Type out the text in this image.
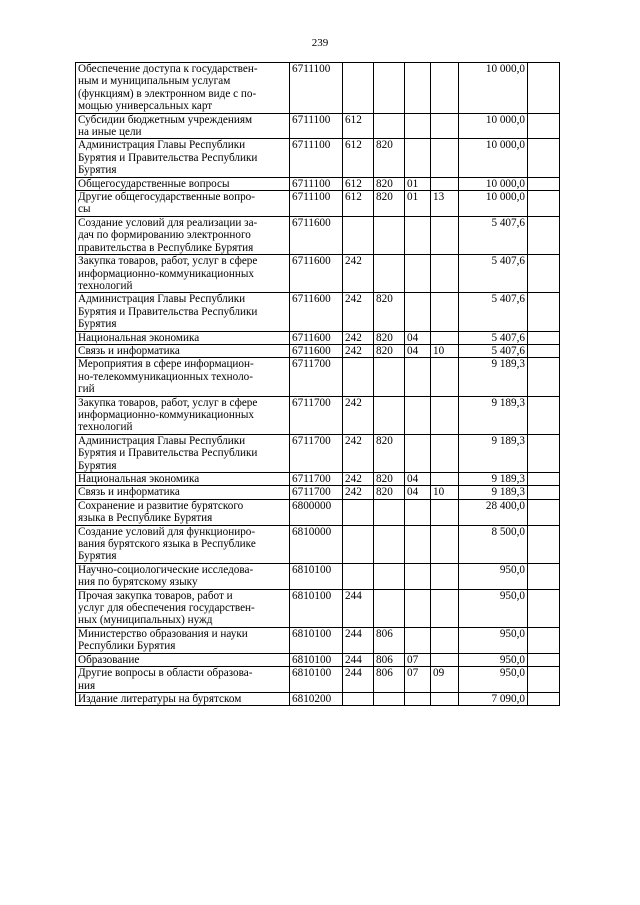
239
Обеспечение доступа к государствен-
ным и муниципальным услугам
(функциям) в электронном виде с по-
мощью универсальных карт	6711100					10 000,0	
Субсидии бюджетным учреждениям
на иные цели	6711100	612				10 000,0	
Администрация Главы Республики
Бурятия и Правительства Республики
Бурятия	6711100	612	820			10 000,0	
Общегосударственные вопросы	6711100	612	820	01		10 000,0	
Другие общегосударственные вопро-
сы	6711100	612	820	01	13	10 000,0	
Создание условий для реализации за-
дач по формированию электронного
правительства в Республике Бурятия	6711600					5 407,6	
Закупка товаров, работ, услуг в сфере
информационно-коммуникационных
технологий	6711600	242				5 407,6	
Администрация Главы Республики
Бурятия и Правительства Республики
Бурятия	6711600	242	820			5 407,6	
Национальная экономика	6711600	242	820	04		5 407,6	
Связь и информатика	6711600	242	820	04	10	5 407,6	
Мероприятия в сфере информацион-
но-телекоммуникационных техноло-
гий	6711700					9 189,3	
Закупка товаров, работ, услуг в сфере
информационно-коммуникационных
технологий	6711700	242				9 189,3	
Администрация Главы Республики
Бурятия и Правительства Республики
Бурятия	6711700	242	820			9 189,3	
Национальная экономика	6711700	242	820	04		9 189,3	
Связь и информатика	6711700	242	820	04	10	9 189,3	
Сохранение и развитие бурятского
языка в Республике Бурятия	6800000					28 400,0	
Создание условий для функциониро-
вания бурятского языка в Республике
Бурятия	6810000					8 500,0	
Научно-социологические исследова-
ния по бурятскому языку	6810100					950,0	
Прочая закупка товаров, работ и
услуг для обеспечения государствен-
ных (муниципальных) нужд	6810100	244				950,0	
Министерство образования и науки
Республики Бурятия	6810100	244	806			950,0	
Образование	6810100	244	806	07		950,0	
Другие вопросы в области образова-
ния	6810100	244	806	07	09	950,0	
Издание литературы на бурятском	6810200					7 090,0	
